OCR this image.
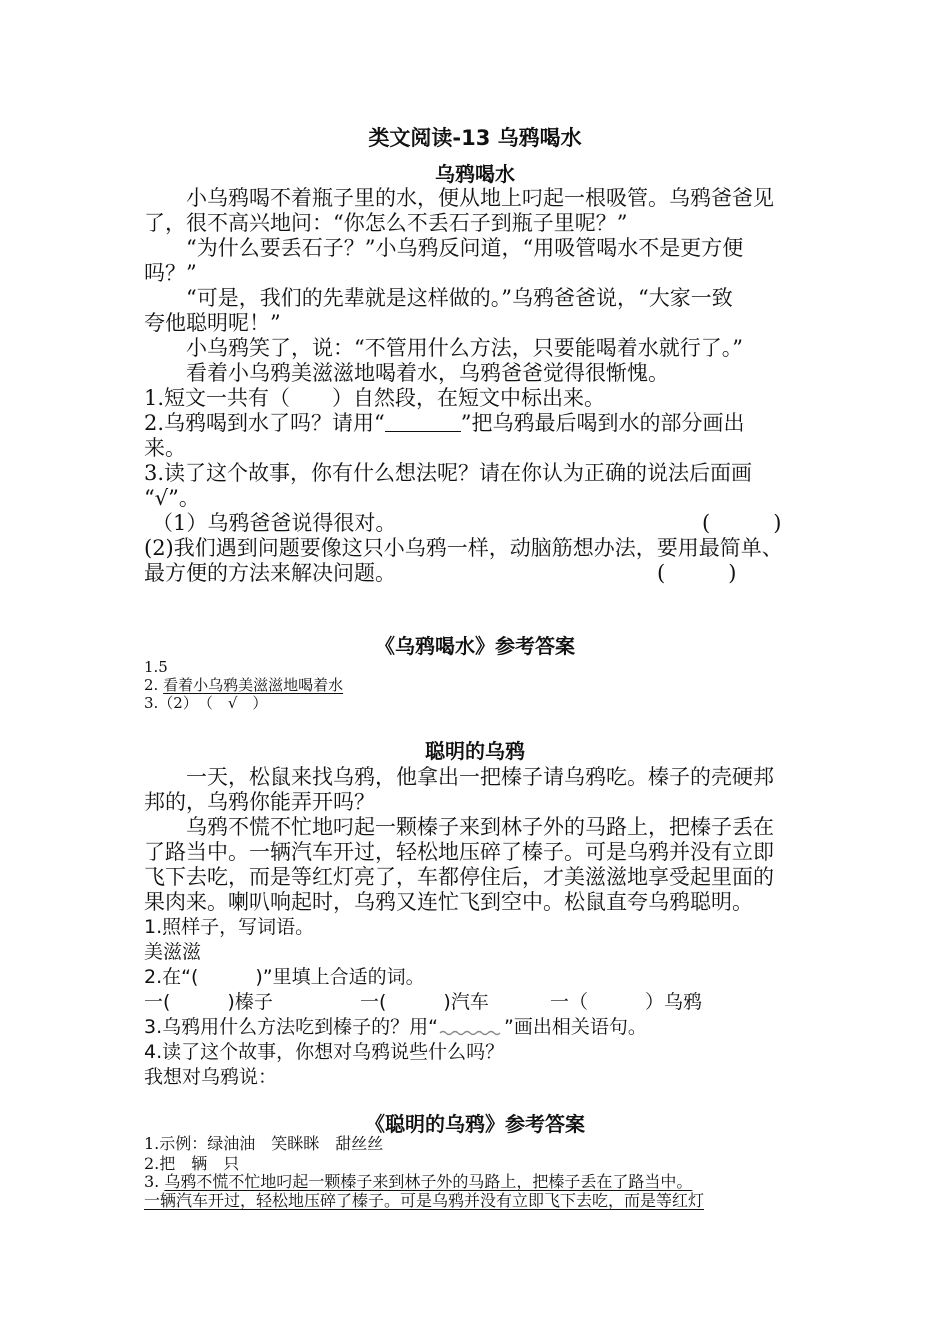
类文阅读-13 乌鸦喝水
乌鸦喝水
小乌鸦喝不着瓶子里的水，便从地上叼起一根吸管。乌鸦爸爸见
了，很不高兴地问：“你怎么不丢石子到瓶子里呢？”
“为什么要丢石子？”小乌鸦反问道，“用吸管喝水不是更方便
吗？”
“可是，我们的先辈就是这样做的。”乌鸦爸爸说，“大家一致
夸他聪明呢！”
小乌鸦笑了，说：“不管用什么方法，只要能喝着水就行了。”
看着小乌鸦美滋滋地喝着水，乌鸦爸爸觉得很惭愧。
1.短文一共有（　　）自然段，在短文中标出来。
2.乌鸦喝到水了吗？请用“	”把乌鸦最后喝到水的部分画出
来。
3.读了这个故事，你有什么想法呢？请在你认为正确的说法后面画
“√”。
（1）乌鸦爸爸说得很对。	(　　　)
(2)我们遇到问题要像这只小乌鸦一样，动脑筋想办法，要用最简单、
最方便的方法来解决问题。	(　　　)
《乌鸦喝水》参考答案
1.5
2. 看着小乌鸦美滋滋地喝着水
3.（2）　（　√　）
聪明的乌鸦
一天，松鼠来找乌鸦，他拿出一把榛子请乌鸦吃。榛子的壳硬邦
邦的，乌鸦你能弄开吗？
乌鸦不慌不忙地叼起一颗榛子来到林子外的马路上，把榛子丢在
了路当中。一辆汽车开过，轻松地压碎了榛子。可是乌鸦并没有立即
飞下去吃，而是等红灯亮了，车都停住后，才美滋滋地享受起里面的
果肉来。喇叭响起时，乌鸦又连忙飞到空中。松鼠直夸乌鸦聪明。
1.照样子，写词语。
美滋滋
2.在“(　　　)”里填上合适的词。
一(　　　)榛子	一(　　　)汽车	一（　　　）乌鸦
3.乌鸦用什么方法吃到榛子的？用“	”画出相关语句。
4.读了这个故事，你想对乌鸦说些什么吗？
我想对乌鸦说：
《聪明的乌鸦》参考答案
1.示例：绿油油　笑眯眯　甜丝丝
2.把　辆　只
3. 乌鸦不慌不忙地叼起一颗榛子来到林子外的马路上，把榛子丢在了路当中。
一辆汽车开过，轻松地压碎了榛子。可是乌鸦并没有立即飞下去吃，而是等红灯
